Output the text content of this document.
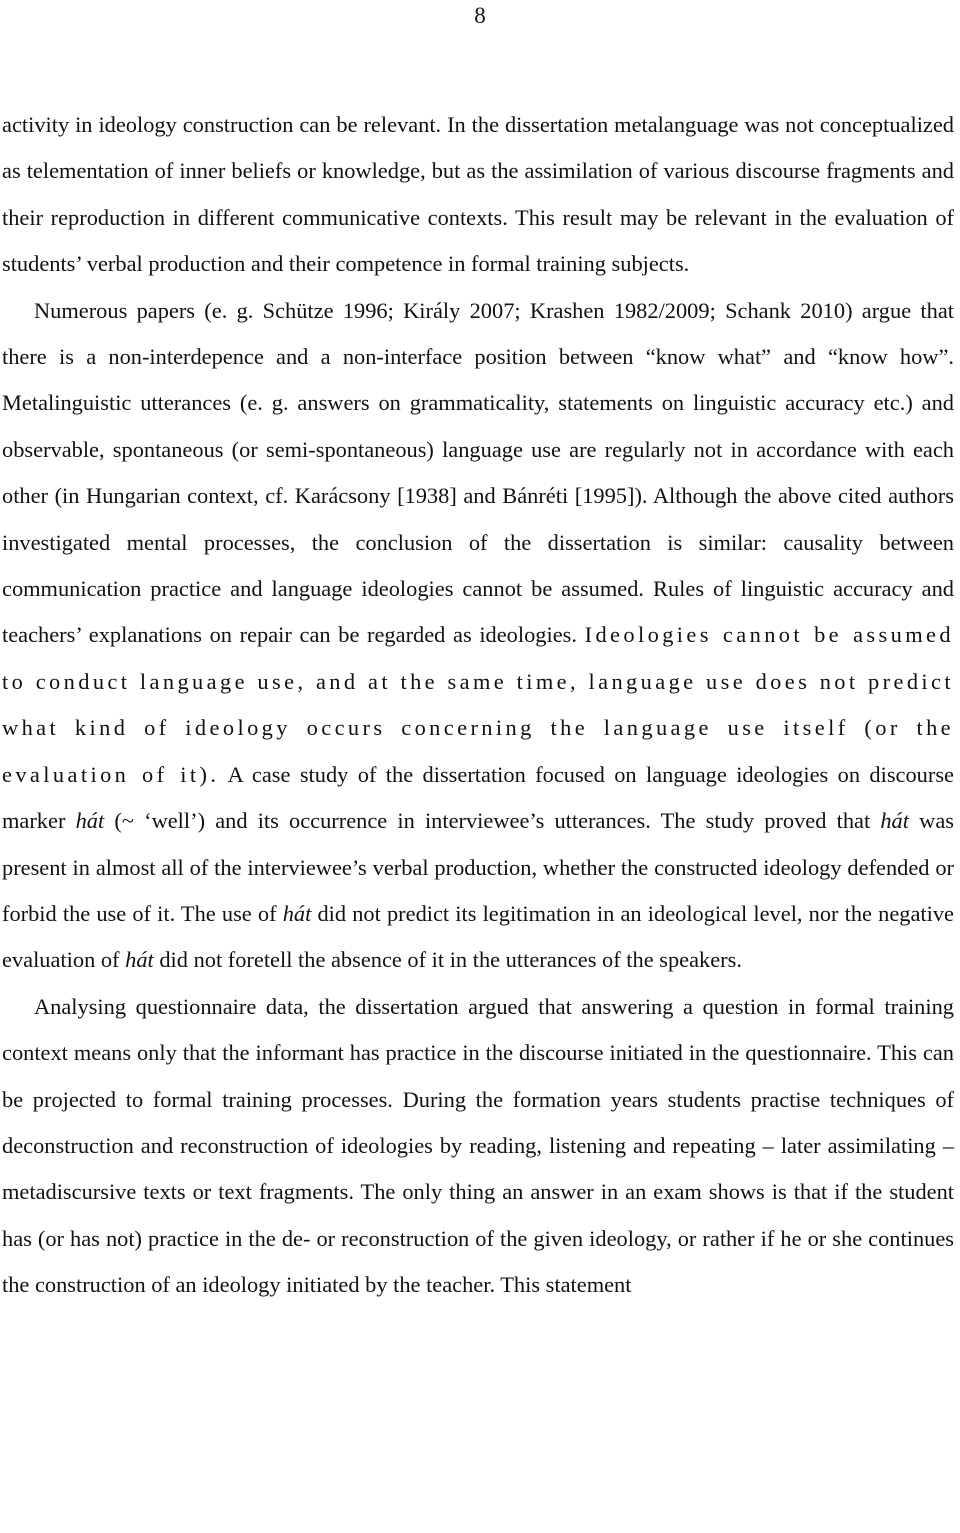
8

activity in ideology construction can be relevant. In the dissertation metalanguage was not conceptualized as telementation of inner beliefs or knowledge, but as the assimilation of various discourse fragments and their reproduction in different communicative contexts. This result may be relevant in the evaluation of students’ verbal production and their competence in formal training subjects.

Numerous papers (e. g. Schütze 1996; Király 2007; Krashen 1982/2009; Schank 2010) argue that there is a non-interdepence and a non-interface position between “know what” and “know how”. Metalinguistic utterances (e. g. answers on grammaticality, statements on linguistic accuracy etc.) and observable, spontaneous (or semi-spontaneous) language use are regularly not in accordance with each other (in Hungarian context, cf. Karácsony [1938] and Bánréti [1995]). Although the above cited authors investigated mental processes, the conclusion of the dissertation is similar: causality between communication practice and language ideologies cannot be assumed. Rules of linguistic accuracy and teachers’ explanations on repair can be regarded as ideologies. Ideologies cannot be assumed to conduct language use, and at the same time, language use does not predict what kind of ideology occurs concerning the language use itself (or the evaluation of it). A case study of the dissertation focused on language ideologies on discourse marker hát (~ ‘well’) and its occurrence in interviewee’s utterances. The study proved that hát was present in almost all of the interviewee’s verbal production, whether the constructed ideology defended or forbid the use of it. The use of hát did not predict its legitimation in an ideological level, nor the negative evaluation of hát did not foretell the absence of it in the utterances of the speakers.

Analysing questionnaire data, the dissertation argued that answering a question in formal training context means only that the informant has practice in the discourse initiated in the questionnaire. This can be projected to formal training processes. During the formation years students practise techniques of deconstruction and reconstruction of ideologies by reading, listening and repeating – later assimilating – metadiscursive texts or text fragments. The only thing an answer in an exam shows is that if the student has (or has not) practice in the de- or reconstruction of the given ideology, or rather if he or she continues the construction of an ideology initiated by the teacher. This statement
